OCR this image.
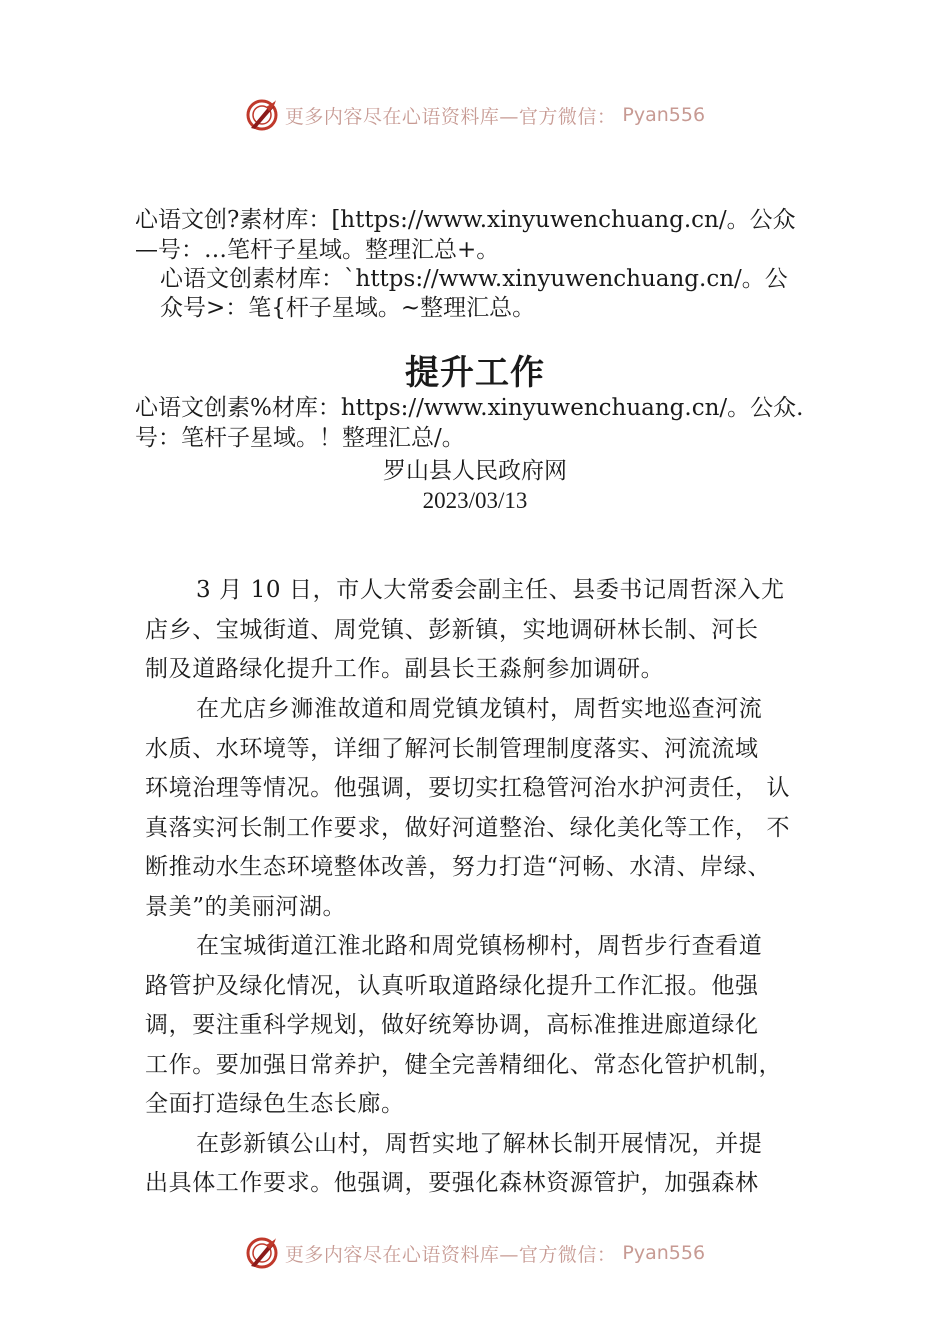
更多内容尽在心语资料库—官方微信： Pyan556
心语文创?素材库：[https://www.xinyuwenchuang.cn/。公众
—号：…笔杆子星域。整理汇总+。
心语文创素材库：`https://www.xinyuwenchuang.cn/。公
众号>：笔{杆子星域。~整理汇总。
提升工作
心语文创素%材库：https://www.xinyuwenchuang.cn/。公众.
号：笔杆子星域。！整理汇总/。
罗山县人民政府网
2023/03/13
3 月 10 日，市人大常委会副主任、县委书记周哲深入尤
店乡、宝城街道、周党镇、彭新镇，实地调研林长制、河长
制及道路绿化提升工作。副县长王淼舸参加调研。
在尤店乡浉淮故道和周党镇龙镇村，周哲实地巡查河流
水质、水环境等，详细了解河长制管理制度落实、河流流域
环境治理等情况。他强调，要切实扛稳管河治水护河责任， 认
真落实河长制工作要求，做好河道整治、绿化美化等工作， 不
断推动水生态环境整体改善，努力打造“河畅、水清、岸绿、
景美”的美丽河湖。
在宝城街道江淮北路和周党镇杨柳村，周哲步行查看道
路管护及绿化情况，认真听取道路绿化提升工作汇报。他强
调，要注重科学规划，做好统筹协调，高标准推进廊道绿化
工作。要加强日常养护，健全完善精细化、常态化管护机制，
全面打造绿色生态长廊。
在彭新镇公山村，周哲实地了解林长制开展情况，并提
出具体工作要求。他强调，要强化森林资源管护，加强森林
更多内容尽在心语资料库—官方微信： Pyan556
